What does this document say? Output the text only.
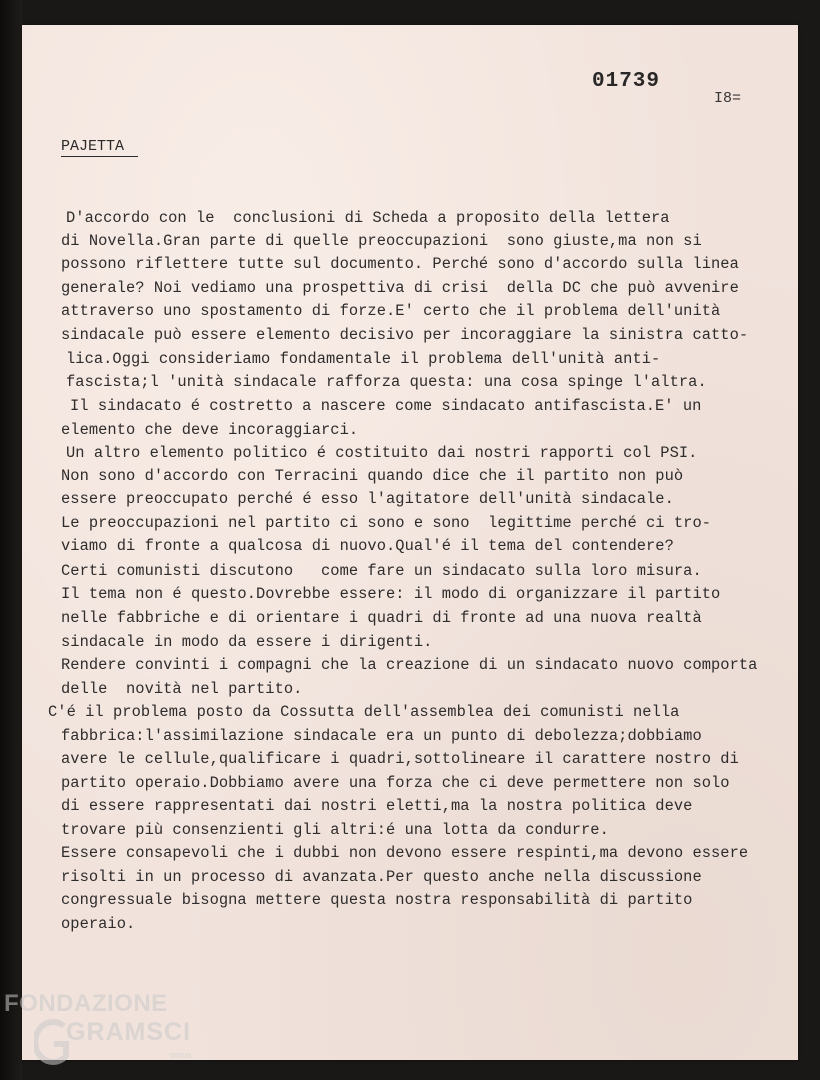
01739
I8=
PAJETTA
D'accordo con le  conclusioni di Scheda a proposito della lettera
di Novella.Gran parte di quelle preoccupazioni  sono giuste,ma non si
possono riflettere tutte sul documento. Perché sono d'accordo sulla linea
generale? Noi vediamo una prospettiva di crisi  della DC che può avvenire
attraverso uno spostamento di forze.E' certo che il problema dell'unità
sindacale può essere elemento decisivo per incoraggiare la sinistra catto-
lica.Oggi consideriamo fondamentale il problema dell'unità anti-
fascista;l 'unità sindacale rafforza questa: una cosa spinge l'altra.
Il sindacato é costretto a nascere come sindacato antifascista.E' un
elemento che deve incoraggiarci.
Un altro elemento politico é costituito dai nostri rapporti col PSI.
Non sono d'accordo con Terracini quando dice che il partito non può
essere preoccupato perché é esso l'agitatore dell'unità sindacale.
Le preoccupazioni nel partito ci sono e sono  legittime perché ci tro-
viamo di fronte a qualcosa di nuovo.Qual'é il tema del contendere?
Certi comunisti discutono   come fare un sindacato sulla loro misura.
Il tema non é questo.Dovrebbe essere: il modo di organizzare il partito
nelle fabbriche e di orientare i quadri di fronte ad una nuova realtà
sindacale in modo da essere i dirigenti.
Rendere convinti i compagni che la creazione di un sindacato nuovo comporta
delle  novità nel partito.
C'é il problema posto da Cossutta dell'assemblea dei comunisti nella
fabbrica:l'assimilazione sindacale era un punto di debolezza;dobbiamo
avere le cellule,qualificare i quadri,sottolineare il carattere nostro di
partito operaio.Dobbiamo avere una forza che ci deve permettere non solo
di essere rappresentati dai nostri eletti,ma la nostra politica deve
trovare più consenzienti gli altri:é una lotta da condurre.
Essere consapevoli che i dubbi non devono essere respinti,ma devono essere
risolti in un processo di avanzata.Per questo anche nella discussione
congressuale bisogna mettere questa nostra responsabilità di partito
operaio.
FONDAZIONE
GRAMSCI
onlus
